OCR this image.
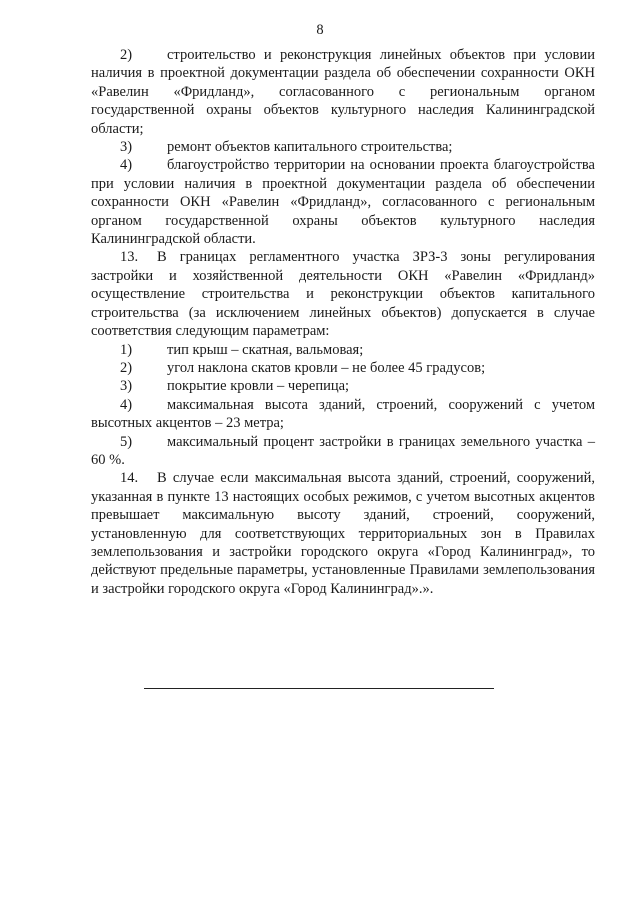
8

2) строительство и реконструкция линейных объектов при условии наличия в проектной документации раздела об обеспечении сохранности ОКН «Равелин «Фридланд», согласованного с региональным органом государственной охраны объектов культурного наследия Калининградской области;

3) ремонт объектов капитального строительства;

4) благоустройство территории на основании проекта благоустройства при условии наличия в проектной документации раздела об обеспечении сохранности ОКН «Равелин «Фридланд», согласованного с региональным органом государственной охраны объектов культурного наследия Калининградской области.

13. В границах регламентного участка ЗРЗ-3 зоны регулирования застройки и хозяйственной деятельности ОКН «Равелин «Фридланд» осуществление строительства и реконструкции объектов капитального строительства (за исключением линейных объектов) допускается в случае соответствия следующим параметрам:

1) тип крыш – скатная, вальмовая;

2) угол наклона скатов кровли – не более 45 градусов;

3) покрытие кровли – черепица;

4) максимальная высота зданий, строений, сооружений с учетом высотных акцентов – 23 метра;

5) максимальный процент застройки в границах земельного участка – 60 %.

14. В случае если максимальная высота зданий, строений, сооружений, указанная в пункте 13 настоящих особых режимов, с учетом высотных акцентов превышает максимальную высоту зданий, строений, сооружений, установленную для соответствующих территориальных зон в Правилах землепользования и застройки городского округа «Город Калининград», то действуют предельные параметры, установленные Правилами землепользования и застройки городского округа «Город Калининград».».
